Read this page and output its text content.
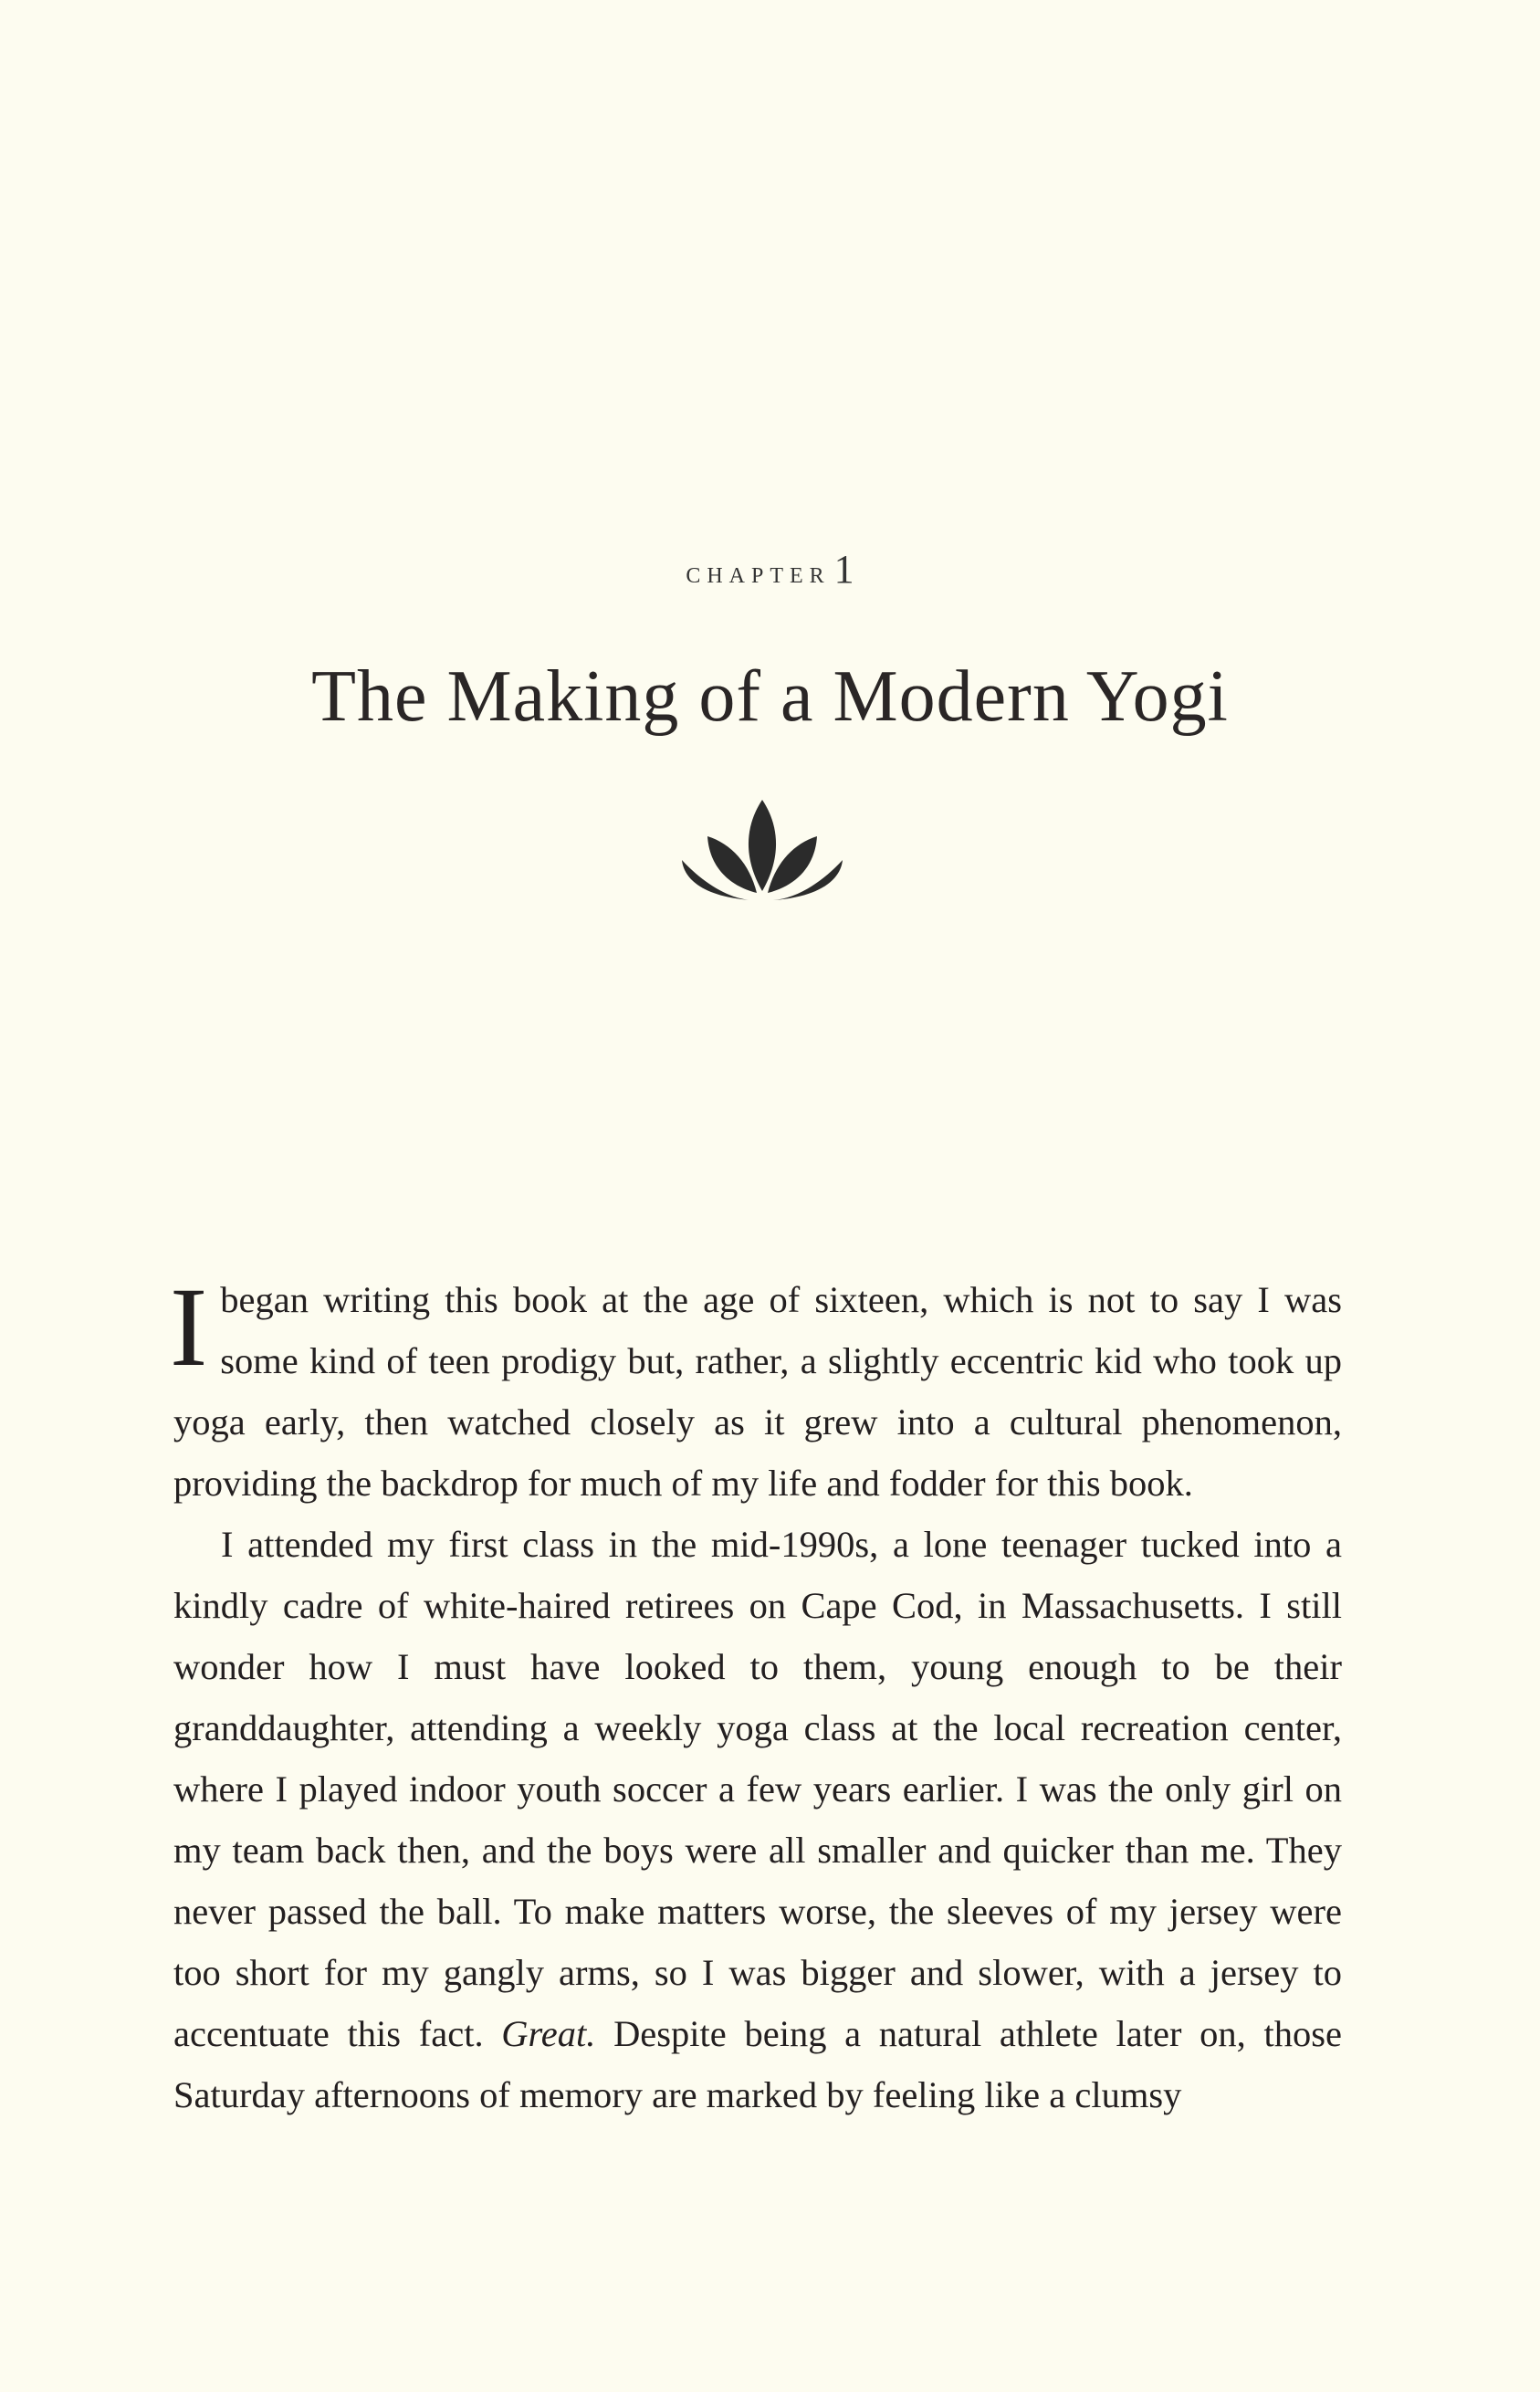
chapter1
The Making of a Modern Yogi

Ibegan writing this book at the age of sixteen, which is not to say I was some kind of teen prodigy but, rather, a slightly eccentric kid who took up yoga early, then watched closely as it grew into a cultural phenomenon, providing the backdrop for much of my life and fodder for this book.

I attended my first class in the mid-1990s, a lone teenager tucked into a kindly cadre of white-haired retirees on Cape Cod, in Massachusetts. I still wonder how I must have looked to them, young enough to be their granddaughter, attending a weekly yoga class at the local recreation center, where I played indoor youth soccer a few years earlier. I was the only girl on my team back then, and the boys were all smaller and quicker than me. They never passed the ball. To make matters worse, the sleeves of my jersey were too short for my gangly arms, so I was bigger and slower, with a jersey to accentuate this fact. Great. Despite being a natural athlete later on, those Saturday afternoons of memory are marked by feeling like a clumsy
